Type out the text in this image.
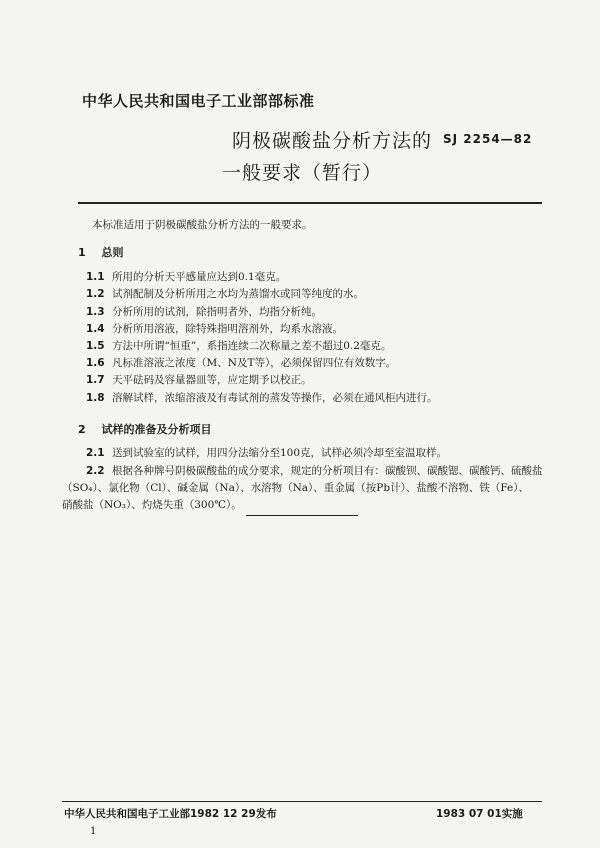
中华人民共和国电子工业部部标准
阴极碳酸盐分析方法的
一般要求（暂行）
SJ 2254—82
本标准适用于阴极碳酸盐分析方法的一般要求。
1 总则
1.1 所用的分析天平感量应达到0.1毫克。
1.2 试剂配制及分析所用之水均为蒸馏水或同等纯度的水。
1.3 分析所用的试剂，除指明者外，均指分析纯。
1.4 分析所用溶液，除特殊指明溶剂外，均系水溶液。
1.5 方法中所谓“恒重”，系指连续二次称量之差不超过0.2毫克。
1.6 凡标准溶液之浓度（M、N及T等），必须保留四位有效数字。
1.7 天平砝码及容量器皿等，应定期予以校正。
1.8 溶解试样，浓缩溶液及有毒试剂的蒸发等操作，必须在通风柜内进行。
2 试样的准备及分析项目
2.1 送到试验室的试样，用四分法缩分至100克，试样必须冷却至室温取样。
2.2 根据各种牌号阴极碳酸盐的成分要求，规定的分析项目有：碳酸钡、碳酸锶、碳酸钙、硫酸盐
（SO₄）、氯化物（Cl）、碱金属（Na）、水溶物（Na）、重金属（按Pb计）、盐酸不溶物、铁（Fe）、
硝酸盐（NO₃）、灼烧失重（300℃）。
中华人民共和国电子工业部1982 12 29发布	1983 07 01实施
1
